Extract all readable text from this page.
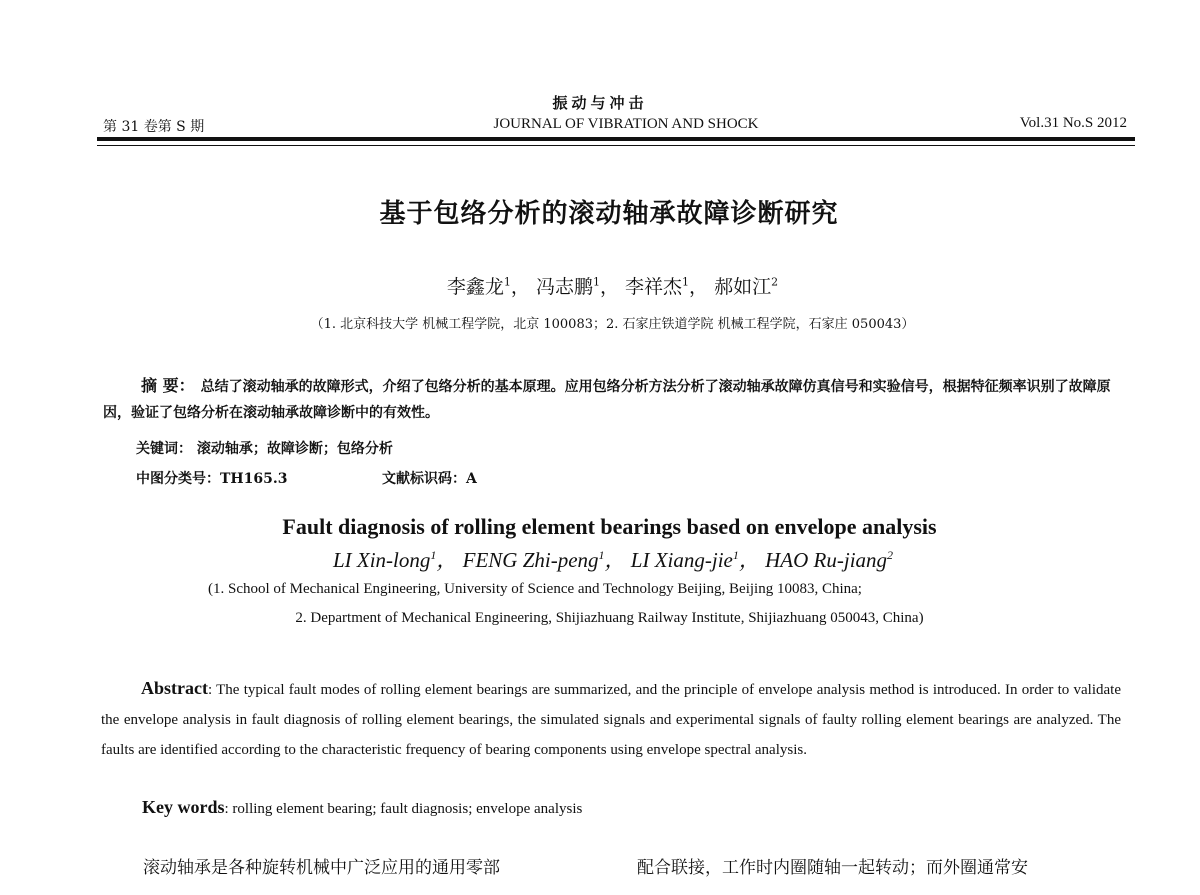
振动与冲击
第 31 卷第 S 期	JOURNAL OF VIBRATION AND SHOCK	Vol.31 No.S 2012
基于包络分析的滚动轴承故障诊断研究
李鑫龙$^1$， 冯志鹏$^1$， 李祥杰$^1$， 郝如江$^2$
（1. 北京科技大学 机械工程学院，北京 100083；2. 石家庄铁道学院 机械工程学院，石家庄 050043）
摘 要： 总结了滚动轴承的故障形式，介绍了包络分析的基本原理。应用包络分析方法分析了滚动轴承故障仿真信号和实验信号，根据特征频率识别了故障原因，验证了包络分析在滚动轴承故障诊断中的有效性。
关键词： 滚动轴承；故障诊断；包络分析
中图分类号：TH165.3	文献标识码：A
Fault diagnosis of rolling element bearings based on envelope analysis
LI Xin-long$^1$， FENG Zhi-peng$^1$， LI Xiang-jie$^1$， HAO Ru-jiang$^2$
(1. School of Mechanical Engineering, University of Science and Technology Beijing, Beijing 10083, China;
2. Department of Mechanical Engineering, Shijiazhuang Railway Institute, Shijiazhuang 050043, China)
Abstract: The typical fault modes of rolling element bearings are summarized, and the principle of envelope analysis method is introduced. In order to validate the envelope analysis in fault diagnosis of rolling element bearings, the simulated signals and experimental signals of faulty rolling element bearings are analyzed. The faults are identified according to the characteristic frequency of bearing components using envelope spectral analysis.
Key words: rolling element bearing; fault diagnosis; envelope analysis
滚动轴承是各种旋转机械中广泛应用的通用零部	配合联接，工作时内圈随轴一起转动；而外圈通常安
